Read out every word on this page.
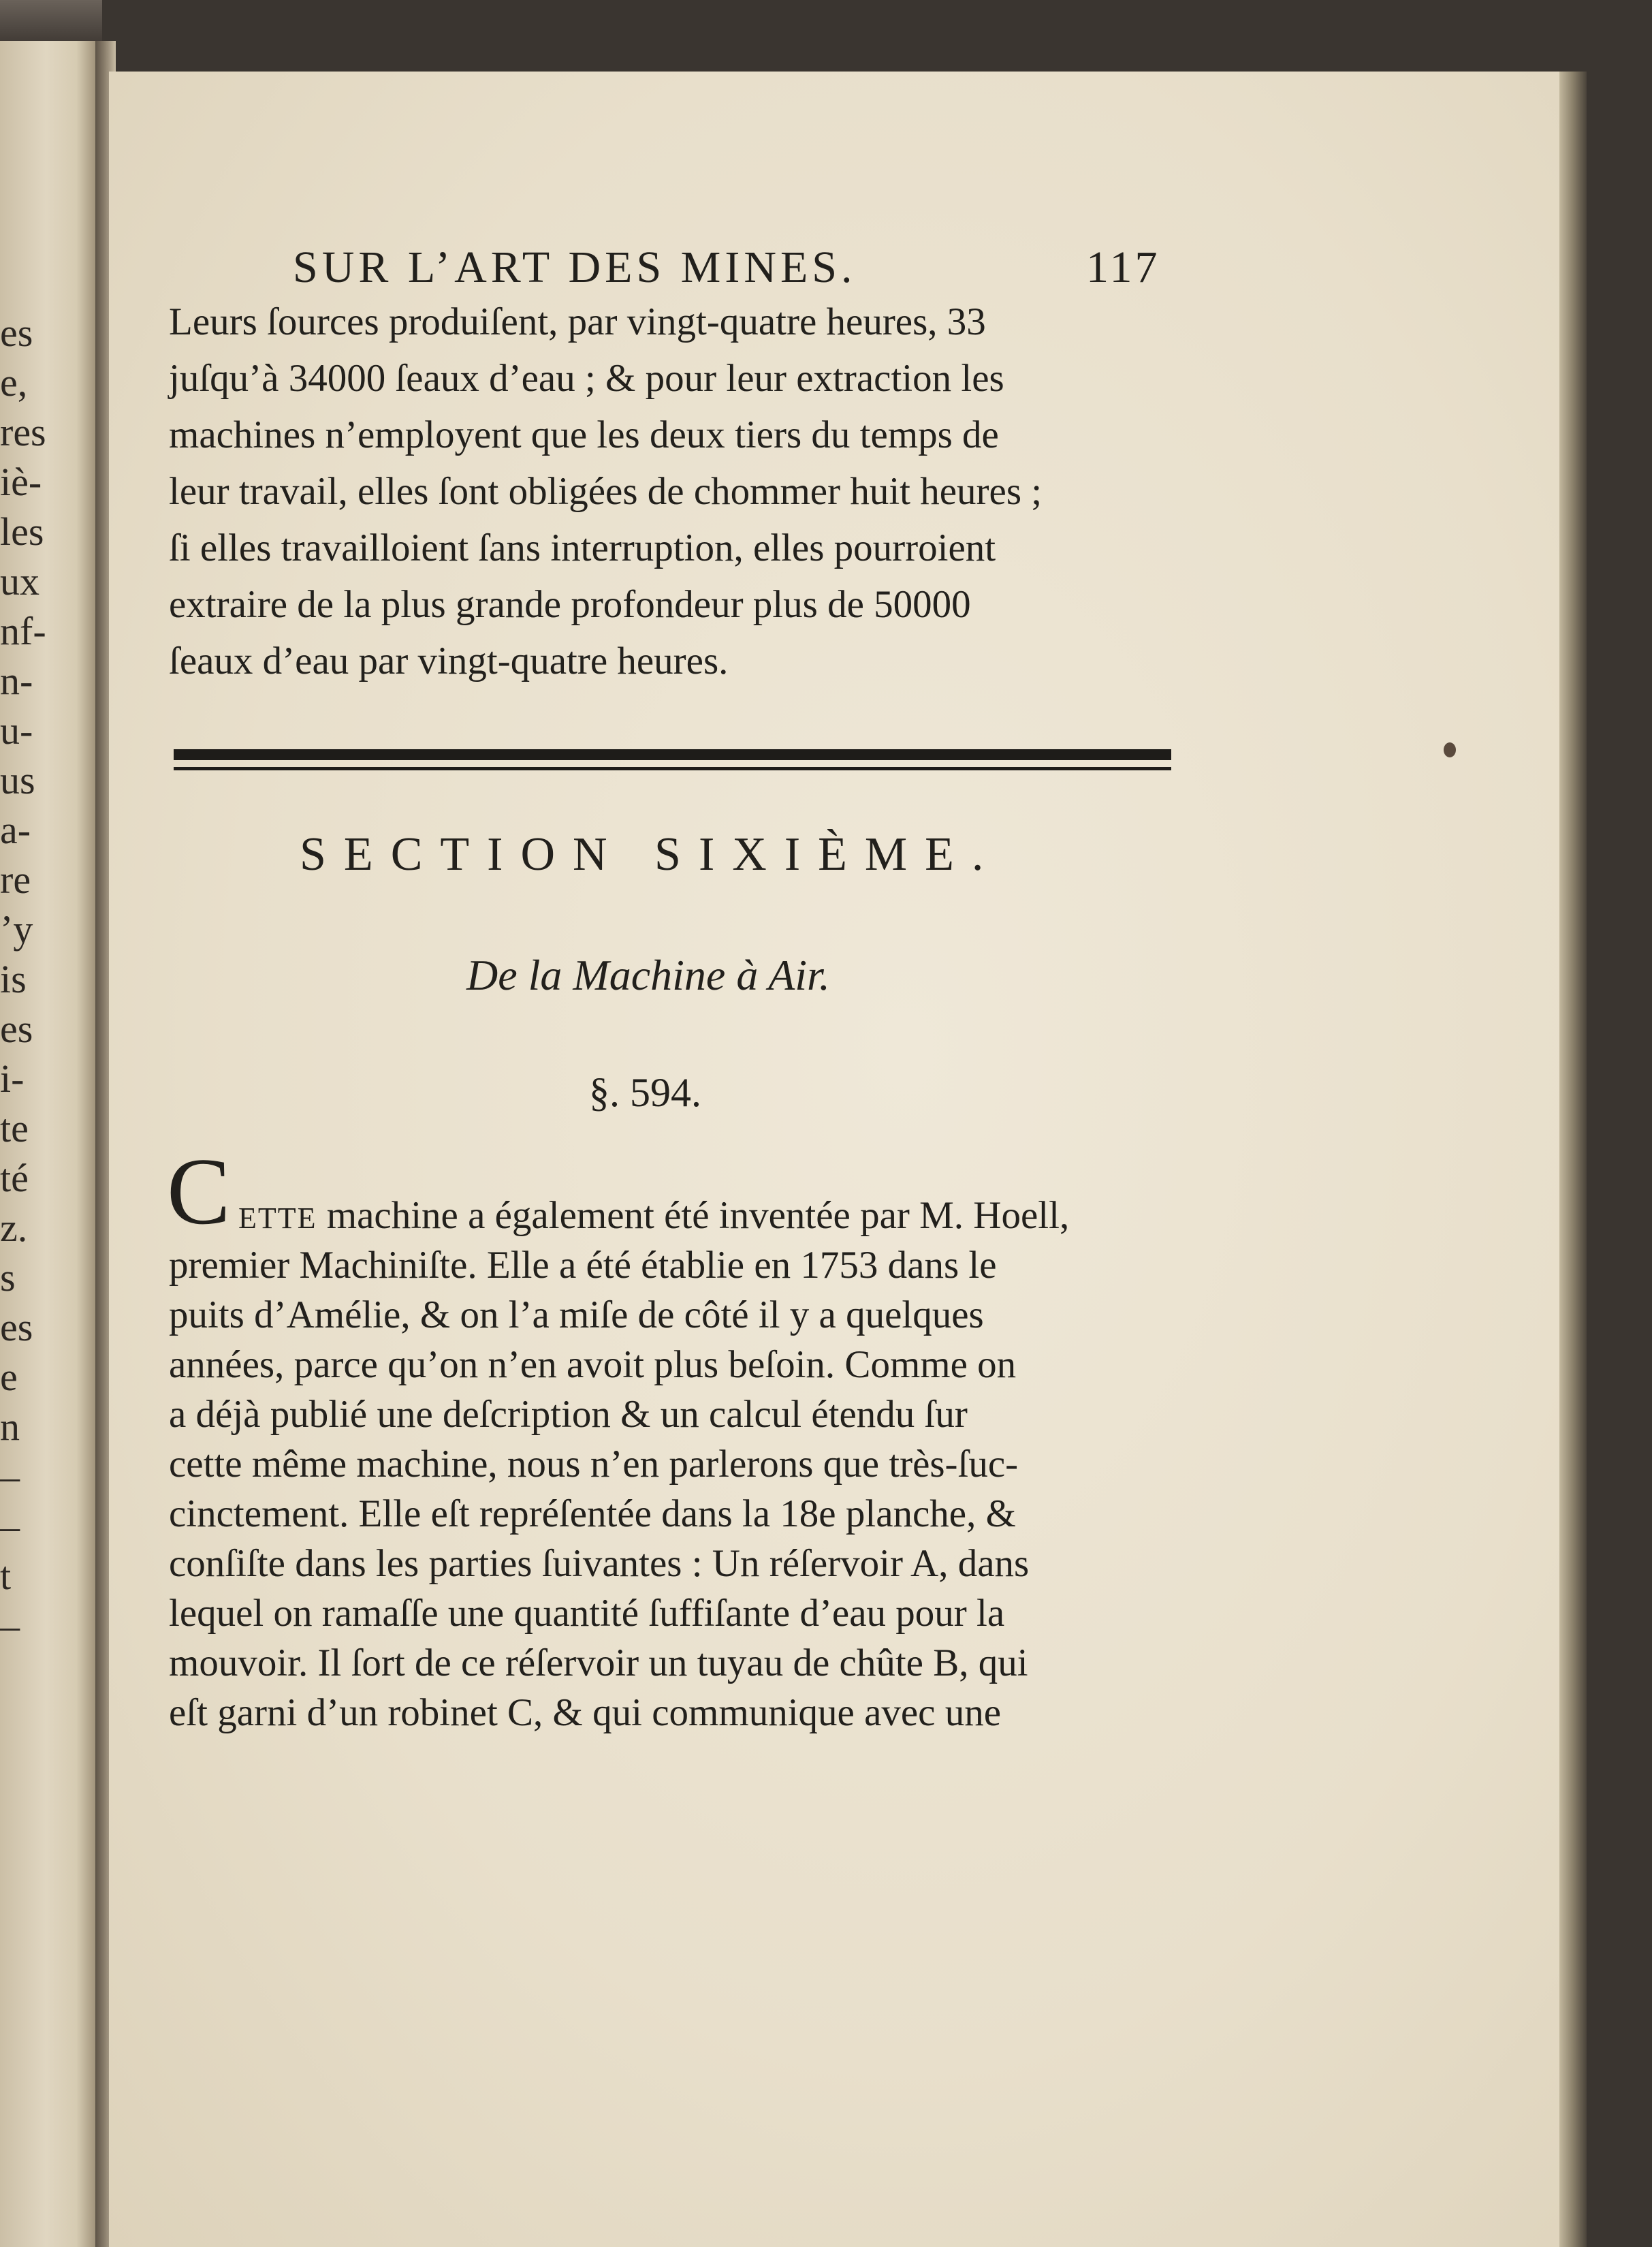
es
e,
res
iè-
les
ux
nf-
n-
u-
us
a-
re
’y
is
es
i-
te
té
z.
s
es
e
n
–
–
t
–
SUR L’ART DES MINES.	117
Leurs ſources produiſent, par vingt-quatre heures, 33
juſqu’à 34000 ſeaux d’eau ; & pour leur extraction les
machines n’employent que les deux tiers du temps de
leur travail, elles ſont obligées de chommer huit heures ;
ſi elles travailloient ſans interruption, elles pourroient
extraire de la plus grande profondeur plus de 50000
ſeaux d’eau par vingt-quatre heures.
SECTION SIXIÈME.
De la Machine à Air.
§. 594.
C ETTE machine a également été inventée par M. Hoell,
premier Machiniſte. Elle a été établie en 1753 dans le
puits d’Amélie, & on l’a miſe de côté il y a quelques
années, parce qu’on n’en avoit plus beſoin. Comme on
a déjà publié une deſcription & un calcul étendu ſur
cette même machine, nous n’en parlerons que très-ſuc-
cinctement. Elle eſt repréſentée dans la 18e planche, &
conſiſte dans les parties ſuivantes : Un réſervoir A, dans
lequel on ramaſſe une quantité ſuffiſante d’eau pour la
mouvoir. Il ſort de ce réſervoir un tuyau de chûte B, qui
eſt garni d’un robinet C, & qui communique avec une
